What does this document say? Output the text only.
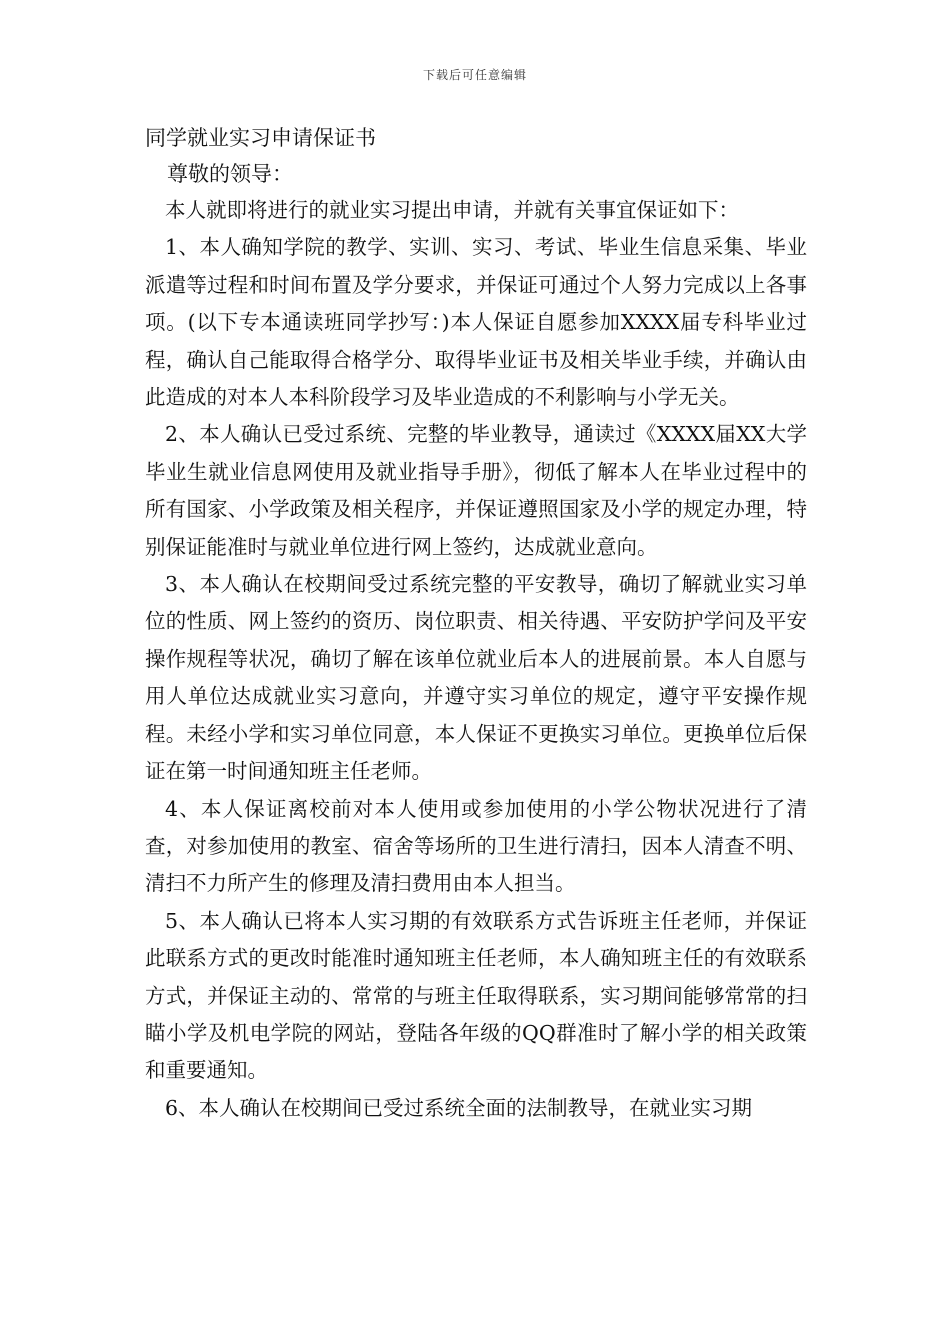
下载后可任意编辑

同学就业实习申请保证书

尊敬的领导：

本人就即将进行的就业实习提出申请，并就有关事宜保证如下：

1、本人确知学院的教学、实训、实习、考试、毕业生信息采集、毕业派遣等过程和时间布置及学分要求，并保证可通过个人努力完成以上各事项。(以下专本通读班同学抄写：)本人保证自愿参加XXXX届专科毕业过程，确认自己能取得合格学分、取得毕业证书及相关毕业手续，并确认由此造成的对本人本科阶段学习及毕业造成的不利影响与小学无关。

2、本人确认已受过系统、完整的毕业教导，通读过《XXXX届XX大学毕业生就业信息网使用及就业指导手册》，彻低了解本人在毕业过程中的所有国家、小学政策及相关程序，并保证遵照国家及小学的规定办理，特别保证能准时与就业单位进行网上签约，达成就业意向。

3、本人确认在校期间受过系统完整的平安教导，确切了解就业实习单位的性质、网上签约的资历、岗位职责、相关待遇、平安防护学问及平安操作规程等状况，确切了解在该单位就业后本人的进展前景。本人自愿与用人单位达成就业实习意向，并遵守实习单位的规定，遵守平安操作规程。未经小学和实习单位同意，本人保证不更换实习单位。更换单位后保证在第一时间通知班主任老师。

4、本人保证离校前对本人使用或参加使用的小学公物状况进行了清查，对参加使用的教室、宿舍等场所的卫生进行清扫，因本人清查不明、清扫不力所产生的修理及清扫费用由本人担当。

5、本人确认已将本人实习期的有效联系方式告诉班主任老师，并保证此联系方式的更改时能准时通知班主任老师，本人确知班主任的有效联系方式，并保证主动的、常常的与班主任取得联系，实习期间能够常常的扫瞄小学及机电学院的网站，登陆各年级的QQ群准时了解小学的相关政策和重要通知。

6、本人确认在校期间已受过系统全面的法制教导，在就业实习期
